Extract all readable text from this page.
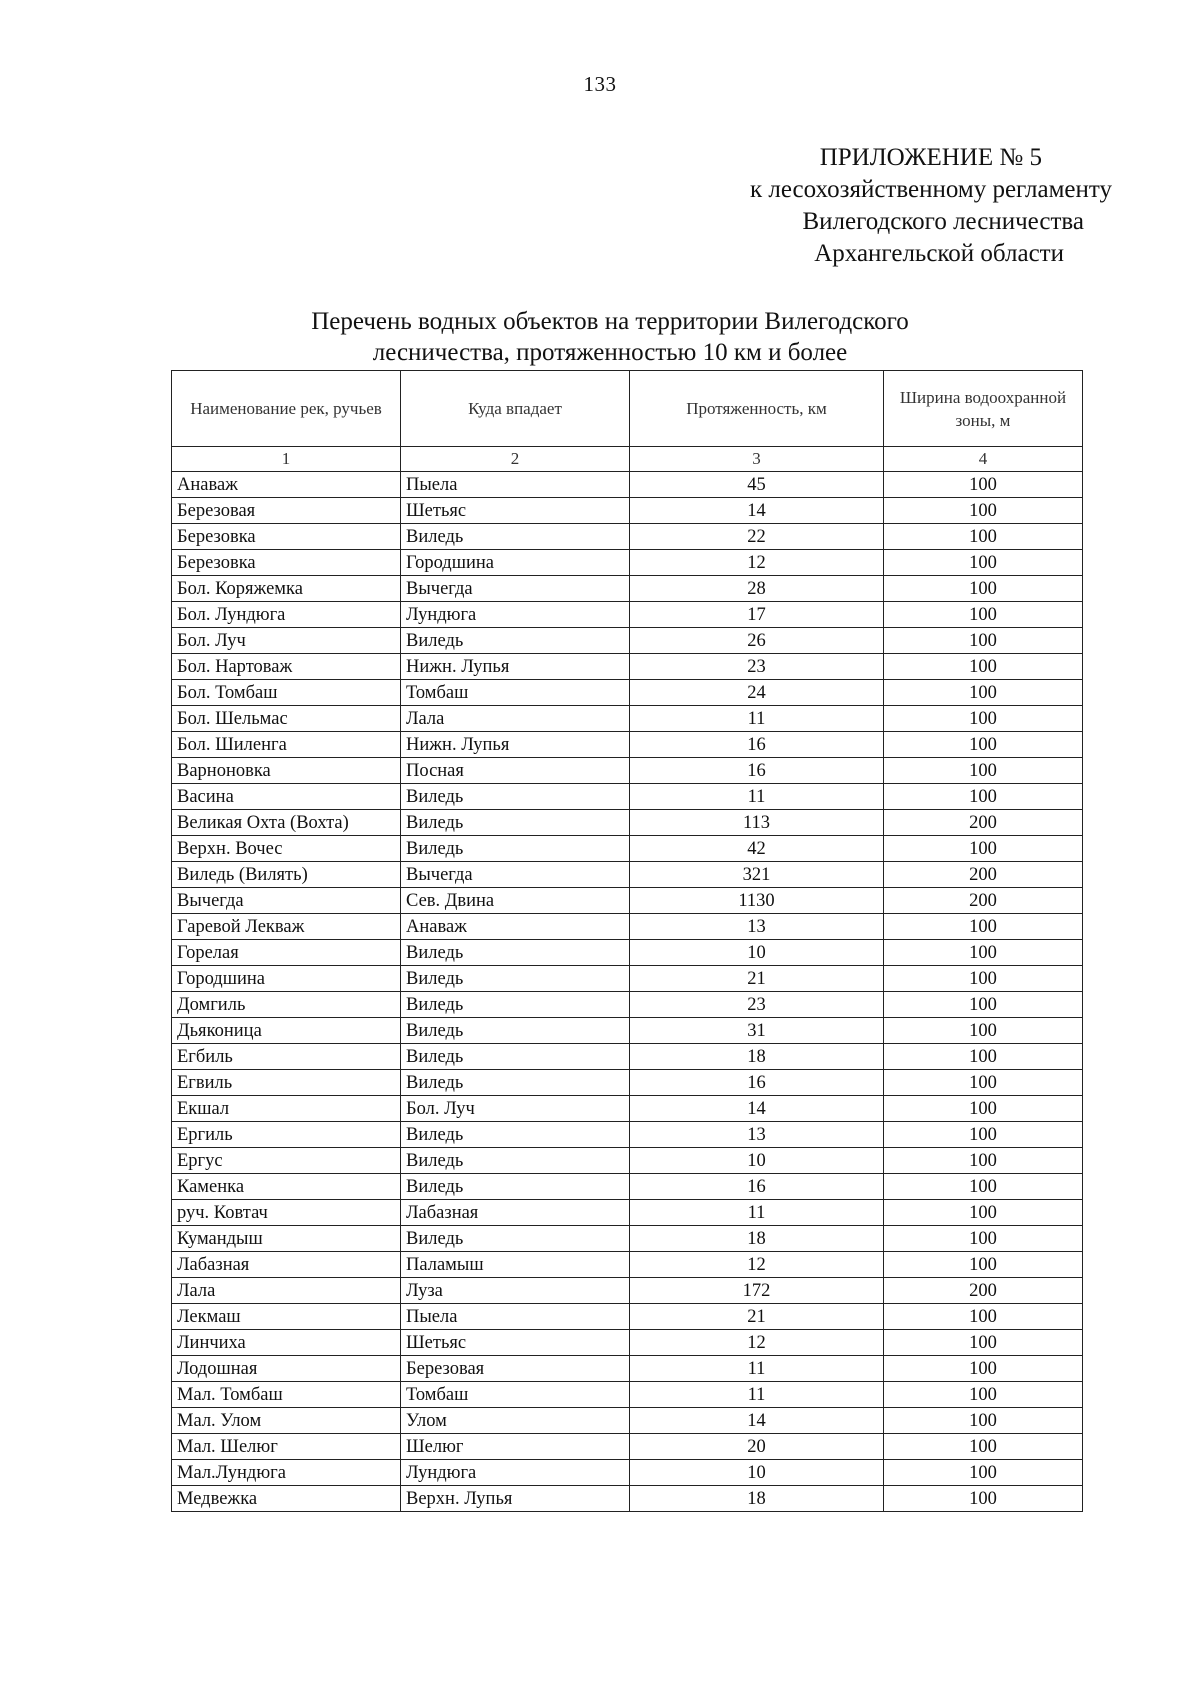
133
ПРИЛОЖЕНИЕ № 5
к лесохозяйственному регламенту
Вилегодского лесничества
Архангельской области
Перечень водных объектов на территории Вилегодского
лесничества, протяженностью 10 км и более
Наименование рек, ручьев	Куда впадает	Протяженность, км	Ширина водоохранной зоны, м
1	2	3	4
Анаваж	Пыела	45	100
Березовая	Шетьяс	14	100
Березовка	Виледь	22	100
Березовка	Городшина	12	100
Бол. Коряжемка	Вычегда	28	100
Бол. Лундюга	Лундюга	17	100
Бол. Луч	Виледь	26	100
Бол. Нартоваж	Нижн. Лупья	23	100
Бол. Томбаш	Томбаш	24	100
Бол. Шельмас	Лала	11	100
Бол. Шиленга	Нижн. Лупья	16	100
Варноновка	Посная	16	100
Васина	Виледь	11	100
Великая Охта (Вохта)	Виледь	113	200
Верхн. Вочес	Виледь	42	100
Виледь (Вилять)	Вычегда	321	200
Вычегда	Сев. Двина	1130	200
Гаревой Лекваж	Анаваж	13	100
Горелая	Виледь	10	100
Городшина	Виледь	21	100
Домгиль	Виледь	23	100
Дьяконица	Виледь	31	100
Егбиль	Виледь	18	100
Егвиль	Виледь	16	100
Екшал	Бол. Луч	14	100
Ергиль	Виледь	13	100
Ергус	Виледь	10	100
Каменка	Виледь	16	100
руч. Ковтач	Лабазная	11	100
Кумандыш	Виледь	18	100
Лабазная	Паламыш	12	100
Лала	Луза	172	200
Лекмаш	Пыела	21	100
Линчиха	Шетьяс	12	100
Лодошная	Березовая	11	100
Мал. Томбаш	Томбаш	11	100
Мал. Улом	Улом	14	100
Мал. Шелюг	Шелюг	20	100
Мал.Лундюга	Лундюга	10	100
Медвежка	Верхн. Лупья	18	100
